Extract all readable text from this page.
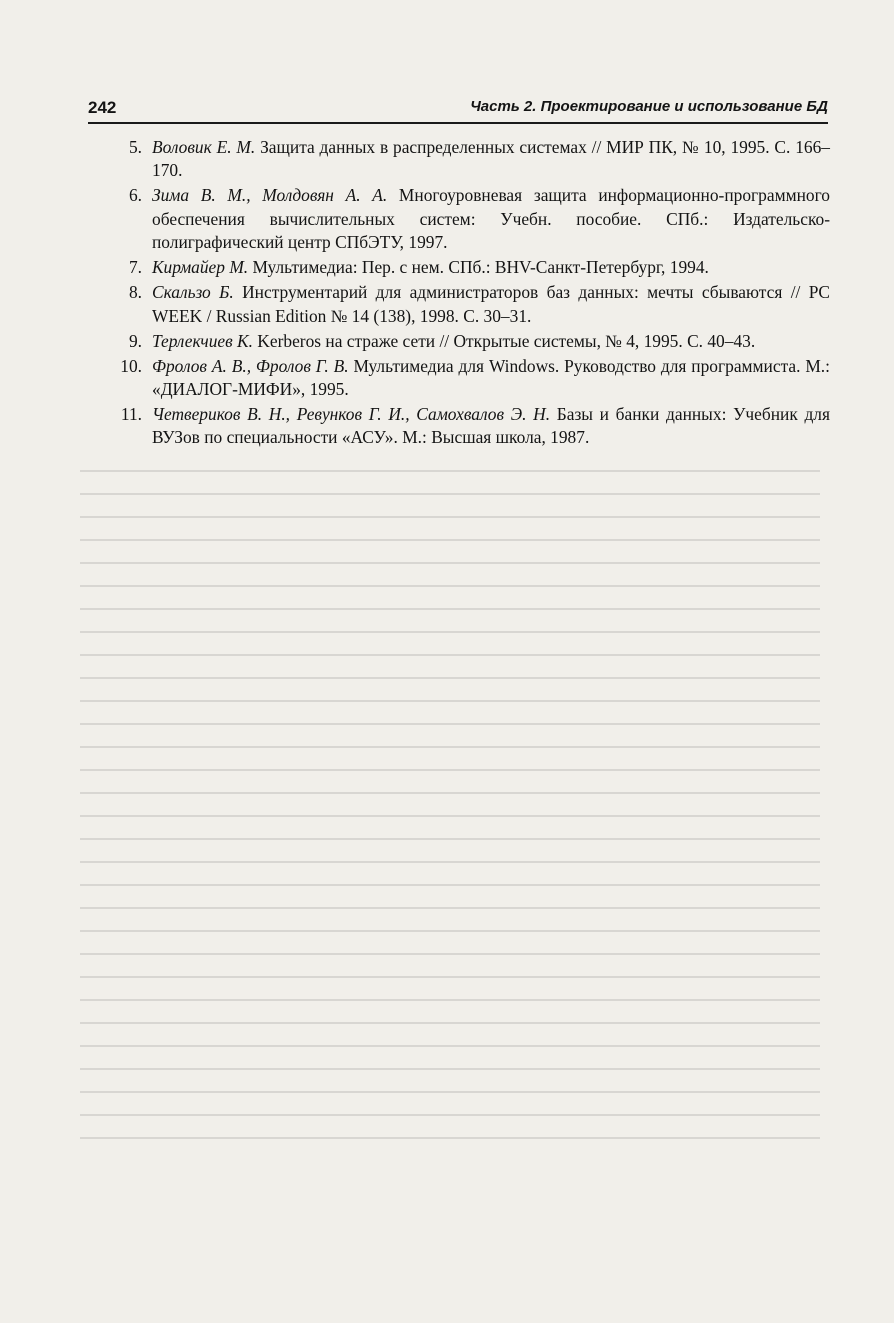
242	Часть 2. Проектирование и использование БД
5. Воловик Е. М. Защита данных в распределенных системах // МИР ПК, № 10, 1995. С. 166–170.
6. Зима В. М., Молдовян А. А. Многоуровневая защита информационно-программного обеспечения вычислительных систем: Учебн. пособие. СПб.: Издательско-полиграфический центр СПбЭТУ, 1997.
7. Кирмайер М. Мультимедиа: Пер. с нем. СПб.: BHV-Санкт-Петербург, 1994.
8. Скальзо Б. Инструментарий для администраторов баз данных: мечты сбываются // PC WEEK / Russian Edition № 14 (138), 1998. С. 30–31.
9. Терлекчиев К. Kerberos на страже сети // Открытые системы, № 4, 1995. С. 40–43.
10. Фролов А. В., Фролов Г. В. Мультимедиа для Windows. Руководство для программиста. М.: «ДИАЛОГ-МИФИ», 1995.
11. Четвериков В. Н., Ревунков Г. И., Самохвалов Э. Н. Базы и банки данных: Учебник для ВУЗов по специальности «АСУ». М.: Высшая школа, 1987.
